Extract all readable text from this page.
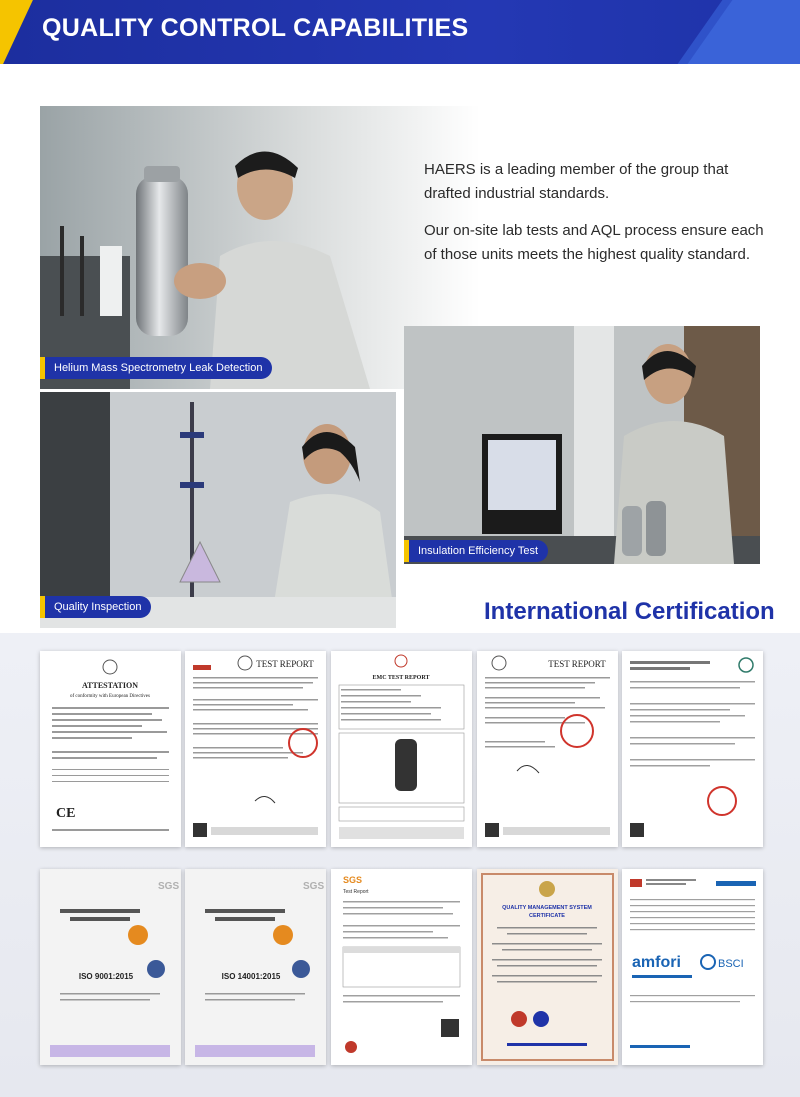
QUALITY CONTROL CAPABILITIES
Helium Mass Spectrometry Leak Detection

HAERS is a leading member of the group that drafted industrial standards.

Our on-site lab tests and AQL process ensure each of those units meets the highest quality standard.

Quality Inspection
Insulation Efficiency Test
International Certification
ATTESTATION
of conformity with European Directives
CE
TEST REPORT
EMC TEST REPORT
TEST REPORT
SGS
ISO 9001:2015
SGS
ISO 14001:2015
SGS
Test Report
QUALITY MANAGEMENT SYSTEM
CERTIFICATE
amfori	BSCI
